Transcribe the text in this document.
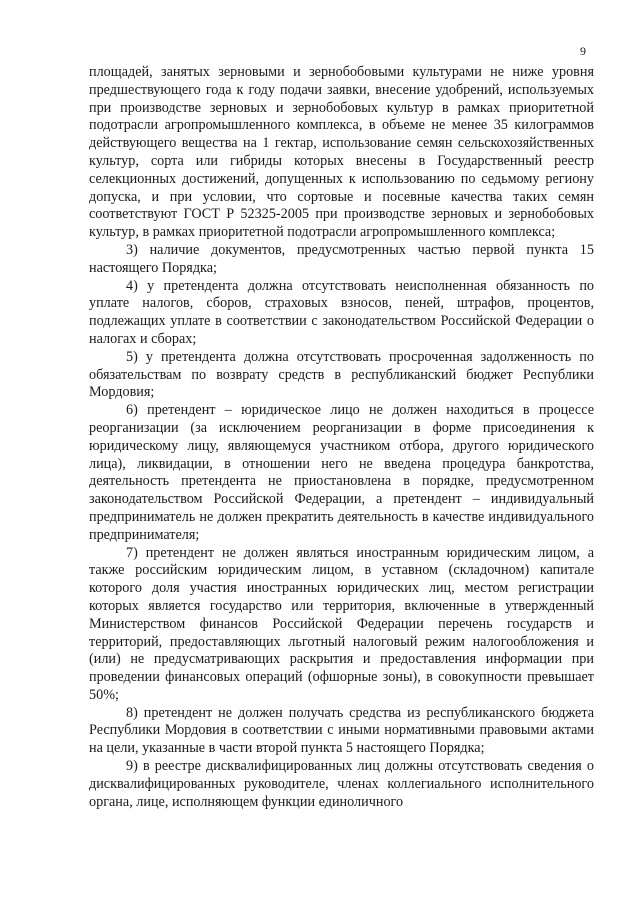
9

площадей, занятых зерновыми и зернобобовыми культурами не ниже уровня предшествующего года к году подачи заявки, внесение удобрений, используемых при производстве зерновых и зернобобовых культур в рамках приоритетной подотрасли агропромышленного комплекса, в объеме не менее 35 килограммов действующего вещества на 1 гектар, использование семян сельскохозяйственных культур, сорта или гибриды которых внесены в Государственный реестр селекционных достижений, допущенных к использованию по седьмому региону допуска, и при условии, что сортовые и посевные качества таких семян соответствуют ГОСТ Р 52325-2005 при производстве зерновых и зернобобовых культур, в рамках приоритетной подотрасли агропромышленного комплекса;

3) наличие документов, предусмотренных частью первой пункта 15 настоящего Порядка;

4) у претендента должна отсутствовать неисполненная обязанность по уплате налогов, сборов, страховых взносов, пеней, штрафов, процентов, подлежащих уплате в соответствии с законодательством Российской Федерации о налогах и сборах;

5) у претендента должна отсутствовать просроченная задолженность по обязательствам по возврату средств в республиканский бюджет Республики Мордовия;

6) претендент – юридическое лицо не должен находиться в процессе реорганизации (за исключением реорганизации в форме присоединения к юридическому лицу, являющемуся участником отбора, другого юридического лица), ликвидации, в отношении него не введена процедура банкротства, деятельность претендента не приостановлена в порядке, предусмотренном законодательством Российской Федерации, а претендент – индивидуальный предприниматель не должен прекратить деятельность в качестве индивидуального предпринимателя;

7) претендент не должен являться иностранным юридическим лицом, а также российским юридическим лицом, в уставном (складочном) капитале которого доля участия иностранных юридических лиц, местом регистрации которых является государство или территория, включенные в утвержденный Министерством финансов Российской Федерации перечень государств и территорий, предоставляющих льготный налоговый режим налогообложения и (или) не предусматривающих раскрытия и предоставления информации при проведении финансовых операций (офшорные зоны), в совокупности превышает 50%;

8) претендент не должен получать средства из республиканского бюджета Республики Мордовия в соответствии с иными нормативными правовыми актами на цели, указанные в части второй пункта 5 настоящего Порядка;

9) в реестре дисквалифицированных лиц должны отсутствовать сведения о дисквалифицированных руководителе, членах коллегиального исполнительного органа, лице, исполняющем функции единоличного
